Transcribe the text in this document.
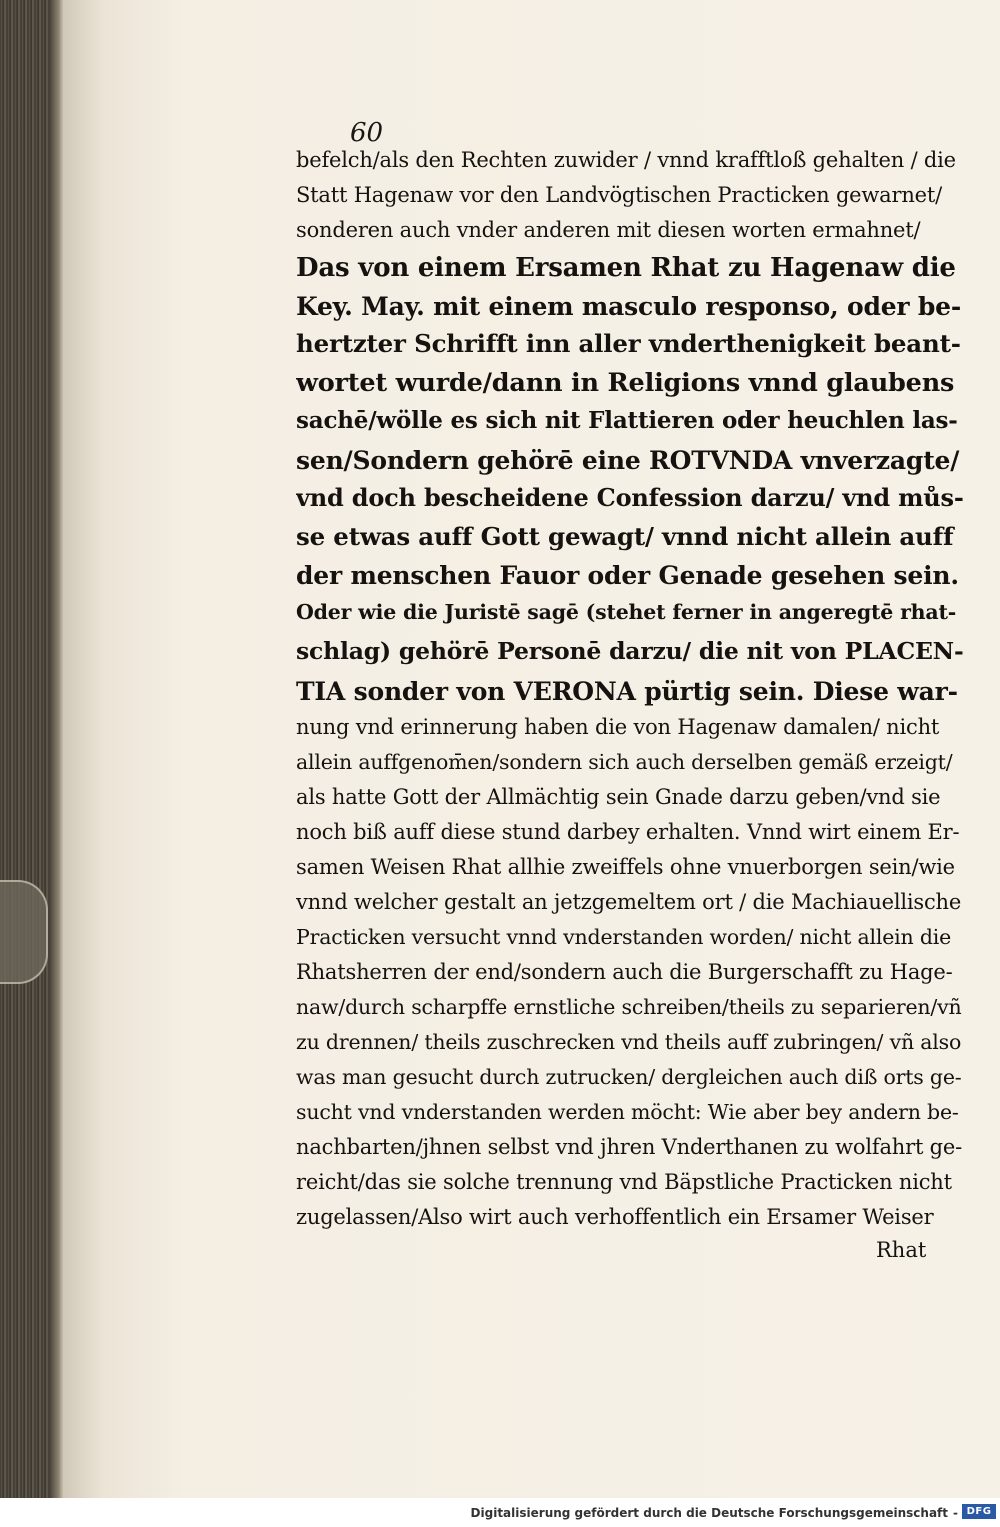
60
befelch/als den Rechten zuwider / vnnd krafftloß gehalten / die
Statt Hagenaw vor den Landvögtischen Practicken gewarnet/
sonderen auch vnder anderen mit diesen worten ermahnet/
Das von einem Ersamen Rhat zu Hagenaw die
Key. May. mit einem masculo responso, oder be-
hertzter Schrifft inn aller vnderthenigkeit beant-
wortet wurde/dann in Religions vnnd glaubens
sachē/wölle es sich nit Flattieren oder heuchlen las-
sen/Sondern gehörē eine ROTVNDA vnverzagte/
vnd doch bescheidene Confession darzu/ vnd můs-
se etwas auff Gott gewagt/ vnnd nicht allein auff
der menschen Fauor oder Genade gesehen sein.
Oder wie die Juristē sagē (stehet ferner in angeregtē rhat-
schlag) gehörē Personē darzu/ die nit von PLACEN-
TIA sonder von VERONA pürtig sein. Diese war-
nung vnd erinnerung haben die von Hagenaw damalen/ nicht
allein auffgenom̄en/sondern sich auch derselben gemäß erzeigt/
als hatte Gott der Allmächtig sein Gnade darzu geben/vnd sie
noch biß auff diese stund darbey erhalten. Vnnd wirt einem Er-
samen Weisen Rhat allhie zweiffels ohne vnuerborgen sein/wie
vnnd welcher gestalt an jetzgemeltem ort / die Machiauellische
Practicken versucht vnnd vnderstanden worden/ nicht allein die
Rhatsherren der end/sondern auch die Burgerschafft zu Hage-
naw/durch scharpffe ernstliche schreiben/theils zu separieren/vñ
zu drennen/ theils zuschrecken vnd theils auff zubringen/ vñ also
was man gesucht durch zutrucken/ dergleichen auch diß orts ge-
sucht vnd vnderstanden werden möcht: Wie aber bey andern be-
nachbarten/jhnen selbst vnd jhren Vnderthanen zu wolfahrt ge-
reicht/das sie solche trennung vnd Bäpstliche Practicken nicht
zugelassen/Also wirt auch verhoffentlich ein Ersamer Weiser
Rhat
Digitalisierung gefördert durch die Deutsche Forschungsgemeinschaft - DFG
